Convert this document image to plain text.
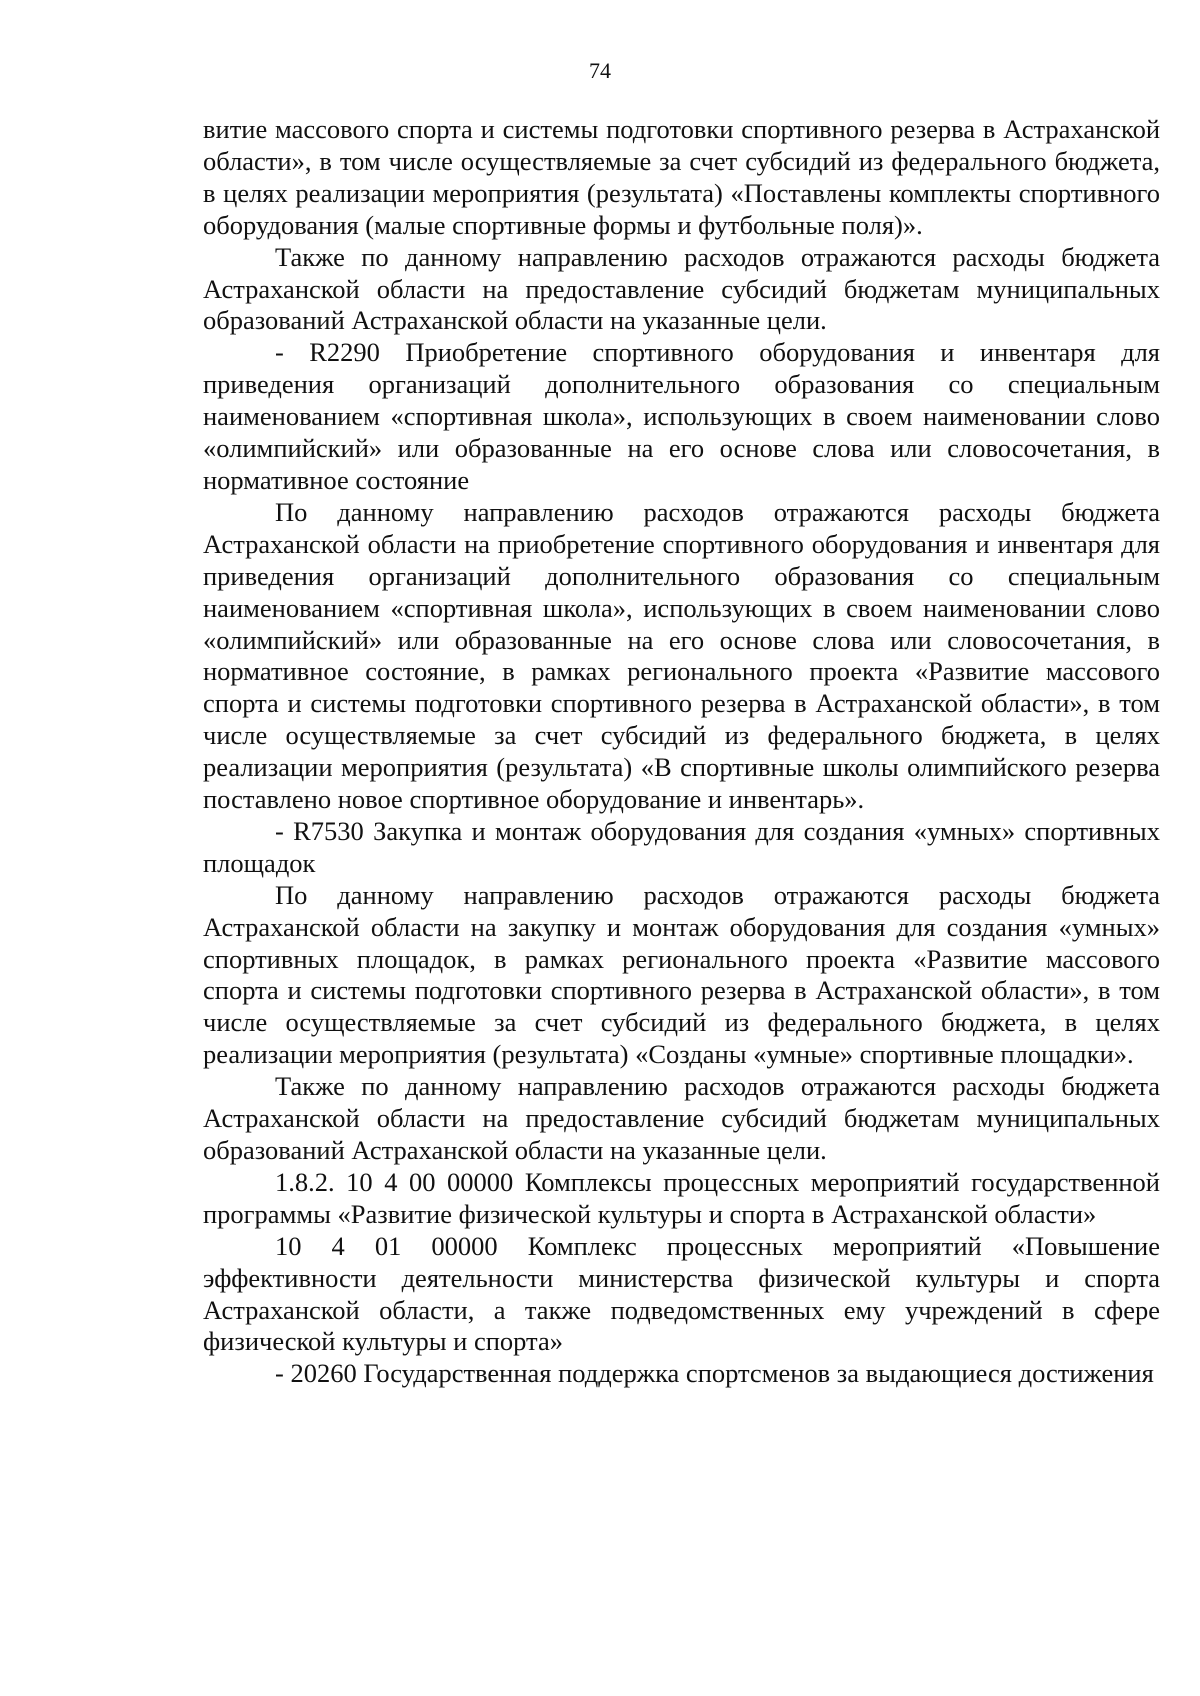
74

витие массового спорта и системы подготовки спортивного резерва в Астраханской области», в том числе осуществляемые за счет субсидий из федерального бюджета, в целях реализации мероприятия (результата) «Поставлены комплекты спортивного оборудования (малые спортивные формы и футбольные поля)».

Также по данному направлению расходов отражаются расходы бюджета Астраханской области на предоставление субсидий бюджетам муниципальных образований Астраханской области на указанные цели.

- R2290 Приобретение спортивного оборудования и инвентаря для приведения организаций дополнительного образования со специальным наименованием «спортивная школа», использующих в своем наименовании слово «олимпийский» или образованные на его основе слова или словосочетания, в нормативное состояние

По данному направлению расходов отражаются расходы бюджета Астраханской области на приобретение спортивного оборудования и инвентаря для приведения организаций дополнительного образования со специальным наименованием «спортивная школа», использующих в своем наименовании слово «олимпийский» или образованные на его основе слова или словосочетания, в нормативное состояние, в рамках регионального проекта «Развитие массового спорта и системы подготовки спортивного резерва в Астраханской области», в том числе осуществляемые за счет субсидий из федерального бюджета, в целях реализации мероприятия (результата) «В спортивные школы олимпийского резерва поставлено новое спортивное оборудование и инвентарь».

- R7530 Закупка и монтаж оборудования для создания «умных» спортивных площадок

По данному направлению расходов отражаются расходы бюджета Астраханской области на закупку и монтаж оборудования для создания «умных» спортивных площадок, в рамках регионального проекта «Развитие массового спорта и системы подготовки спортивного резерва в Астраханской области», в том числе осуществляемые за счет субсидий из федерального бюджета, в целях реализации мероприятия (результата) «Созданы «умные» спортивные площадки».

Также по данному направлению расходов отражаются расходы бюджета Астраханской области на предоставление субсидий бюджетам муниципальных образований Астраханской области на указанные цели.

1.8.2. 10 4 00 00000 Комплексы процессных мероприятий государственной программы «Развитие физической культуры и спорта в Астраханской области»

10 4 01 00000 Комплекс процессных мероприятий «Повышение эффективности деятельности министерства физической культуры и спорта Астраханской области, а также подведомственных ему учреждений в сфере физической культуры и спорта»

- 20260 Государственная поддержка спортсменов за выдающиеся достижения
